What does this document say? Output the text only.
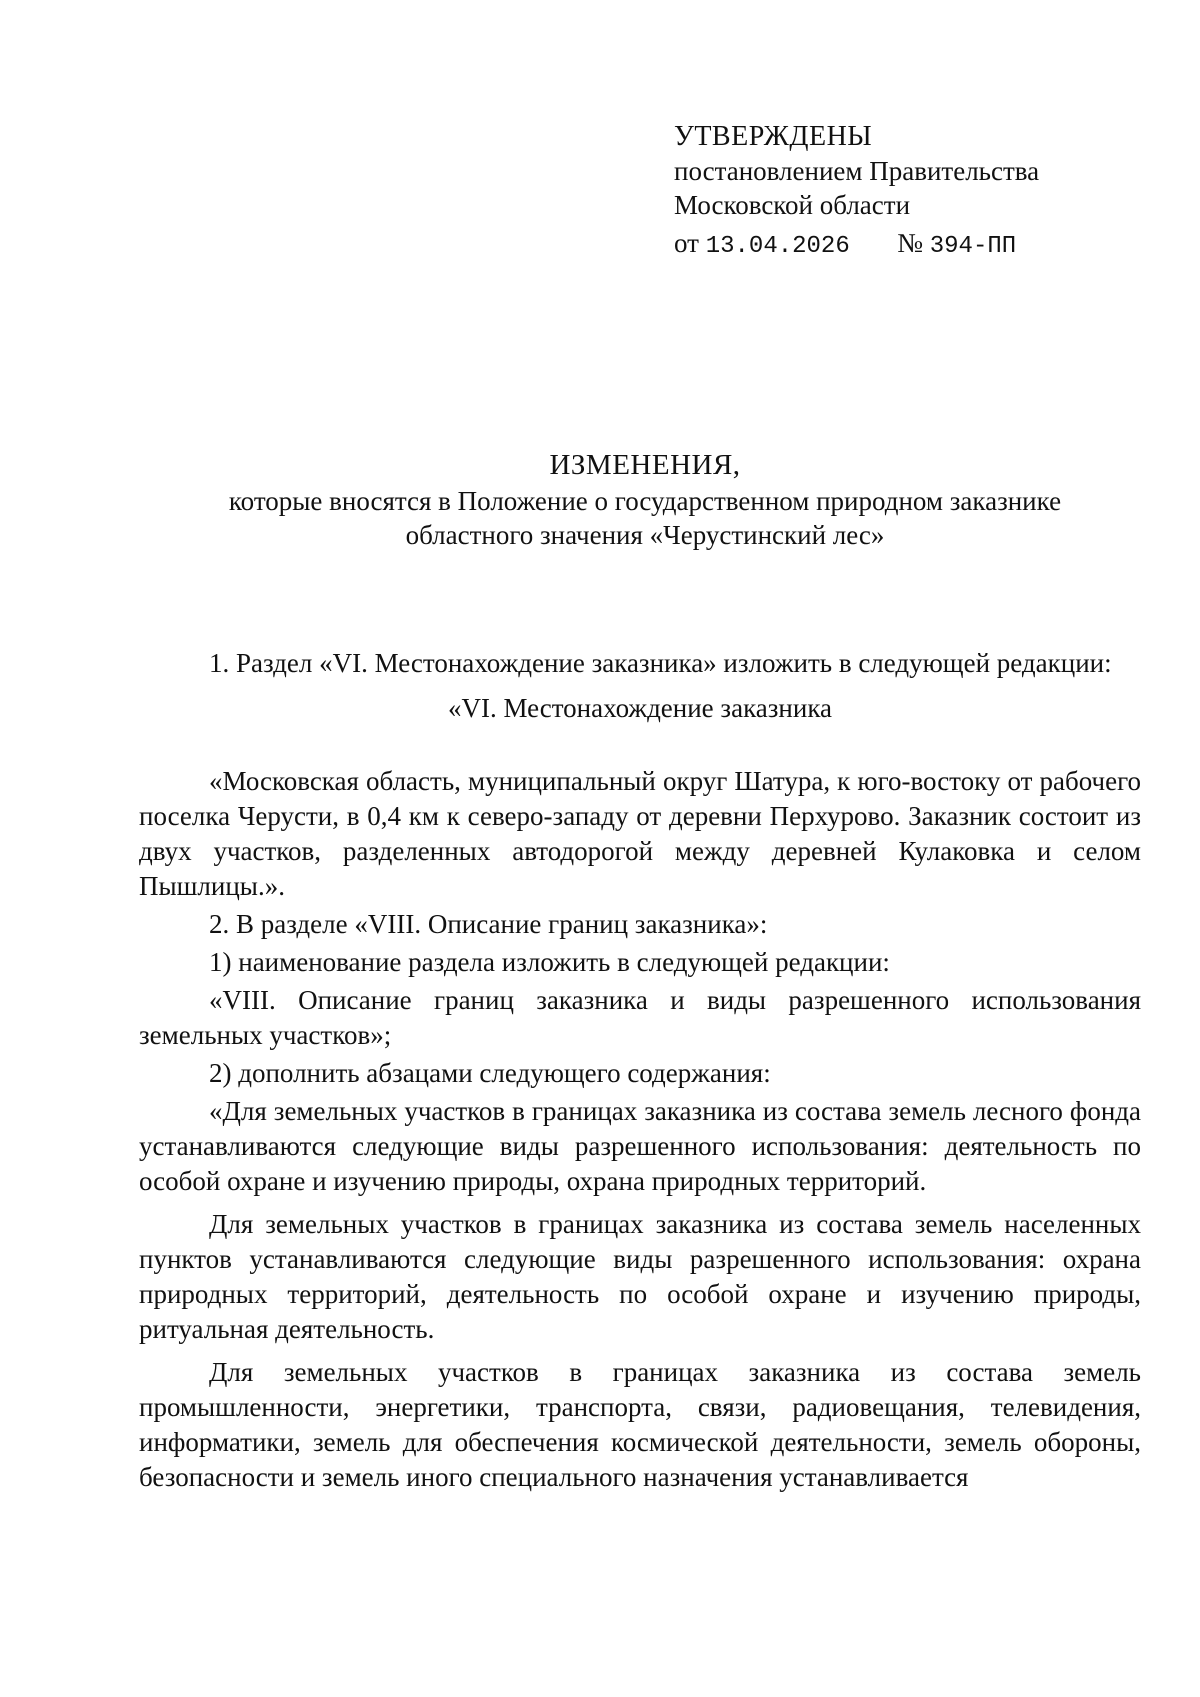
УТВЕРЖДЕНЫ
постановлением Правительства
Московской области
от 13.04.2026 № 394-ПП
ИЗМЕНЕНИЯ,
которые вносятся в Положение о государственном природном заказнике
областного значения «Черустинский лес»

1. Раздел «VI. Местонахождение заказника» изложить в следующей редакции:

«VI. Местонахождение заказника

«Московская область, муниципальный округ Шатура, к юго-востоку от рабочего поселка Черусти, в 0,4 км к северо-западу от деревни Перхурово. Заказник состоит из двух участков, разделенных автодорогой между деревней Кулаковка и селом Пышлицы.».

2. В разделе «VIII. Описание границ заказника»:

1) наименование раздела изложить в следующей редакции:

«VIII. Описание границ заказника и виды разрешенного использования земельных участков»;

2) дополнить абзацами следующего содержания:

«Для земельных участков в границах заказника из состава земель лесного фонда устанавливаются следующие виды разрешенного использования: деятельность по особой охране и изучению природы, охрана природных территорий.

Для земельных участков в границах заказника из состава земель населенных пунктов устанавливаются следующие виды разрешенного использования: охрана природных территорий, деятельность по особой охране и изучению природы, ритуальная деятельность.

Для земельных участков в границах заказника из состава земель промышленности, энергетики, транспорта, связи, радиовещания, телевидения, информатики, земель для обеспечения космической деятельности, земель обороны, безопасности и земель иного специального назначения устанавливается
